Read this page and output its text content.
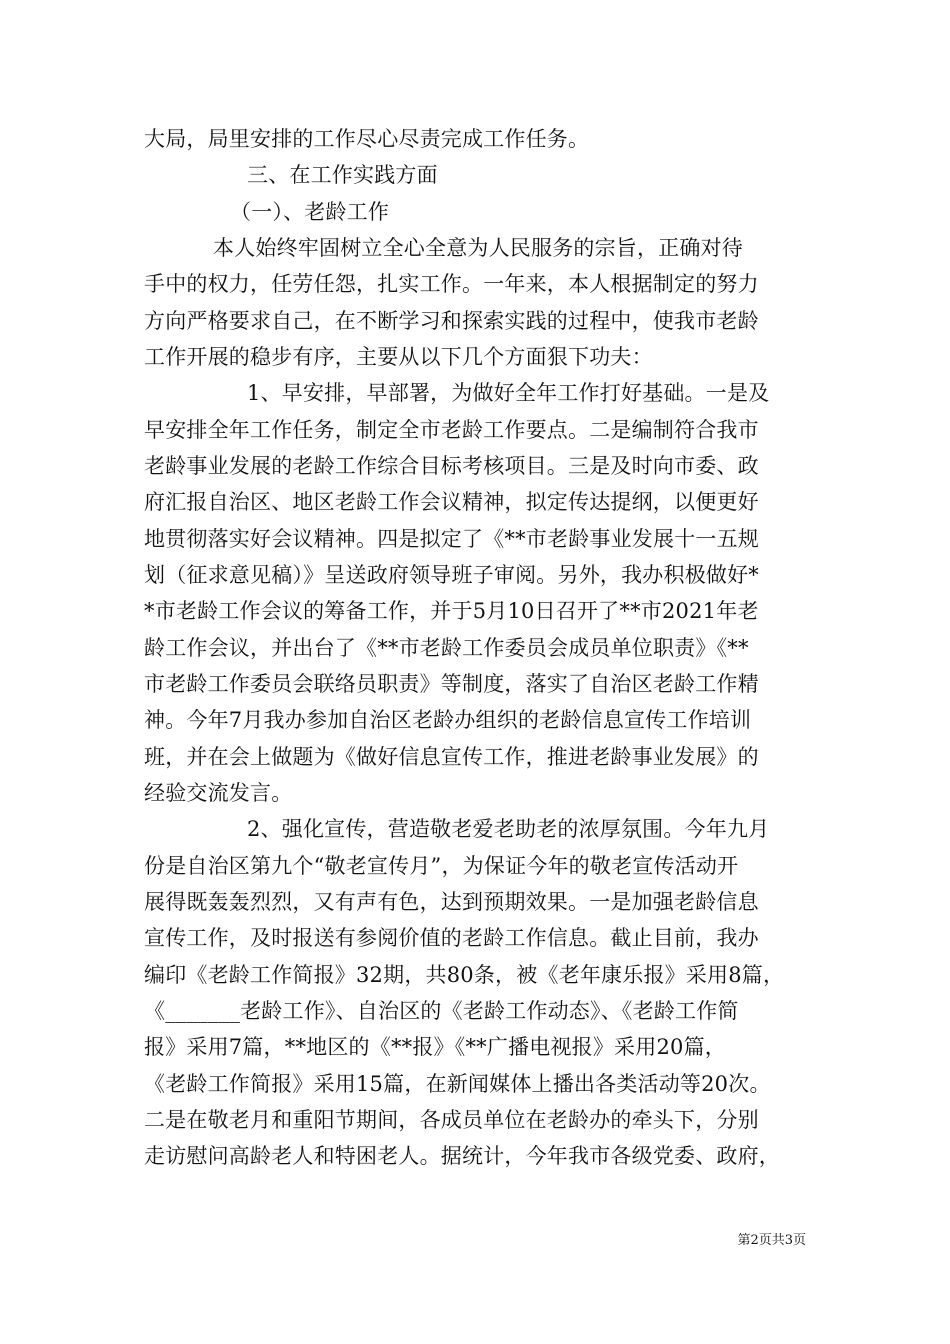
大局，局里安排的工作尽心尽责完成工作任务。
三、在工作实践方面
（一）、老龄工作
本人始终牢固树立全心全意为人民服务的宗旨，正确对待
手中的权力，任劳任怨，扎实工作。一年来，本人根据制定的努力
方向严格要求自己，在不断学习和探索实践的过程中，使我市老龄
工作开展的稳步有序，主要从以下几个方面狠下功夫：
1、早安排，早部署，为做好全年工作打好基础。一是及
早安排全年工作任务，制定全市老龄工作要点。二是编制符合我市
老龄事业发展的老龄工作综合目标考核项目。三是及时向市委、政
府汇报自治区、地区老龄工作会议精神，拟定传达提纲，以便更好
地贯彻落实好会议精神。四是拟定了《**市老龄事业发展十一五规
划（征求意见稿）》呈送政府领导班子审阅。另外，我办积极做好*
*市老龄工作会议的筹备工作，并于5月10日召开了**市2021年老
龄工作会议，并出台了《**市老龄工作委员会成员单位职责》《**
市老龄工作委员会联络员职责》等制度，落实了自治区老龄工作精
神。今年7月我办参加自治区老龄办组织的老龄信息宣传工作培训
班，并在会上做题为《做好信息宣传工作，推进老龄事业发展》的
经验交流发言。
2、强化宣传，营造敬老爱老助老的浓厚氛围。今年九月
份是自治区第九个“敬老宣传月”，为保证今年的敬老宣传活动开
展得既轰轰烈烈，又有声有色，达到预期效果。一是加强老龄信息
宣传工作，及时报送有参阅价值的老龄工作信息。截止目前，我办
编印《老龄工作简报》32期，共80条，被《老年康乐报》采用8篇，
《_______老龄工作》、自治区的《老龄工作动态》、《老龄工作简
报》采用7篇，**地区的《**报》《**广播电视报》采用20篇，
《老龄工作简报》采用15篇，在新闻媒体上播出各类活动等20次。
二是在敬老月和重阳节期间，各成员单位在老龄办的牵头下，分别
走访慰问高龄老人和特困老人。据统计，今年我市各级党委、政府，
第2页共3页
